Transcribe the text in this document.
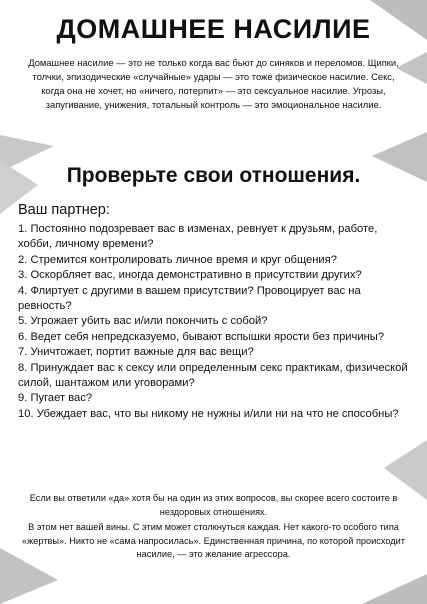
ДОМАШНЕЕ НАСИЛИЕ

Домашнее насилие — это не только когда вас бьют до синяков и переломов. Щипки, толчки, эпизодические «случайные» удары — это тоже физическое насилие. Секс, когда она не хочет, но «ничего, потерпит» — это сексуальное насилие. Угрозы, запугивание, унижения, тотальный контроль — это эмоциональное насилие.

Проверьте свои отношения.
Ваш партнер:
1. Постоянно подозревает вас в изменах, ревнует к друзьям, работе, хобби, личному времени?
2. Стремится контролировать личное время и круг общения?
3. Оскорбляет вас, иногда демонстративно в присутствии других?
4. Флиртует с другими в вашем присутствии? Провоцирует вас на ревность?
5. Угрожает убить вас и/или покончить с собой?
6. Ведет себя непредсказуемо, бывают вспышки ярости без причины?
7. Уничтожает, портит важные для вас вещи?
8. Принуждает вас к сексу или определенным секс практикам, физической силой, шантажом или уговорами?
9. Пугает вас?
10. Убеждает вас, что вы никому не нужны и/или ни на что не способны?

Если вы ответили «да» хотя бы на один из этих вопросов, вы скорее всего состоите в нездоровых отношениях.

В этом нет вашей вины. С этим может столкнуться каждая. Нет какого-то особого типа «жертвы». Никто не «сама напросилась». Единственная причина, по которой происходит насилие, — это желание агрессора.
